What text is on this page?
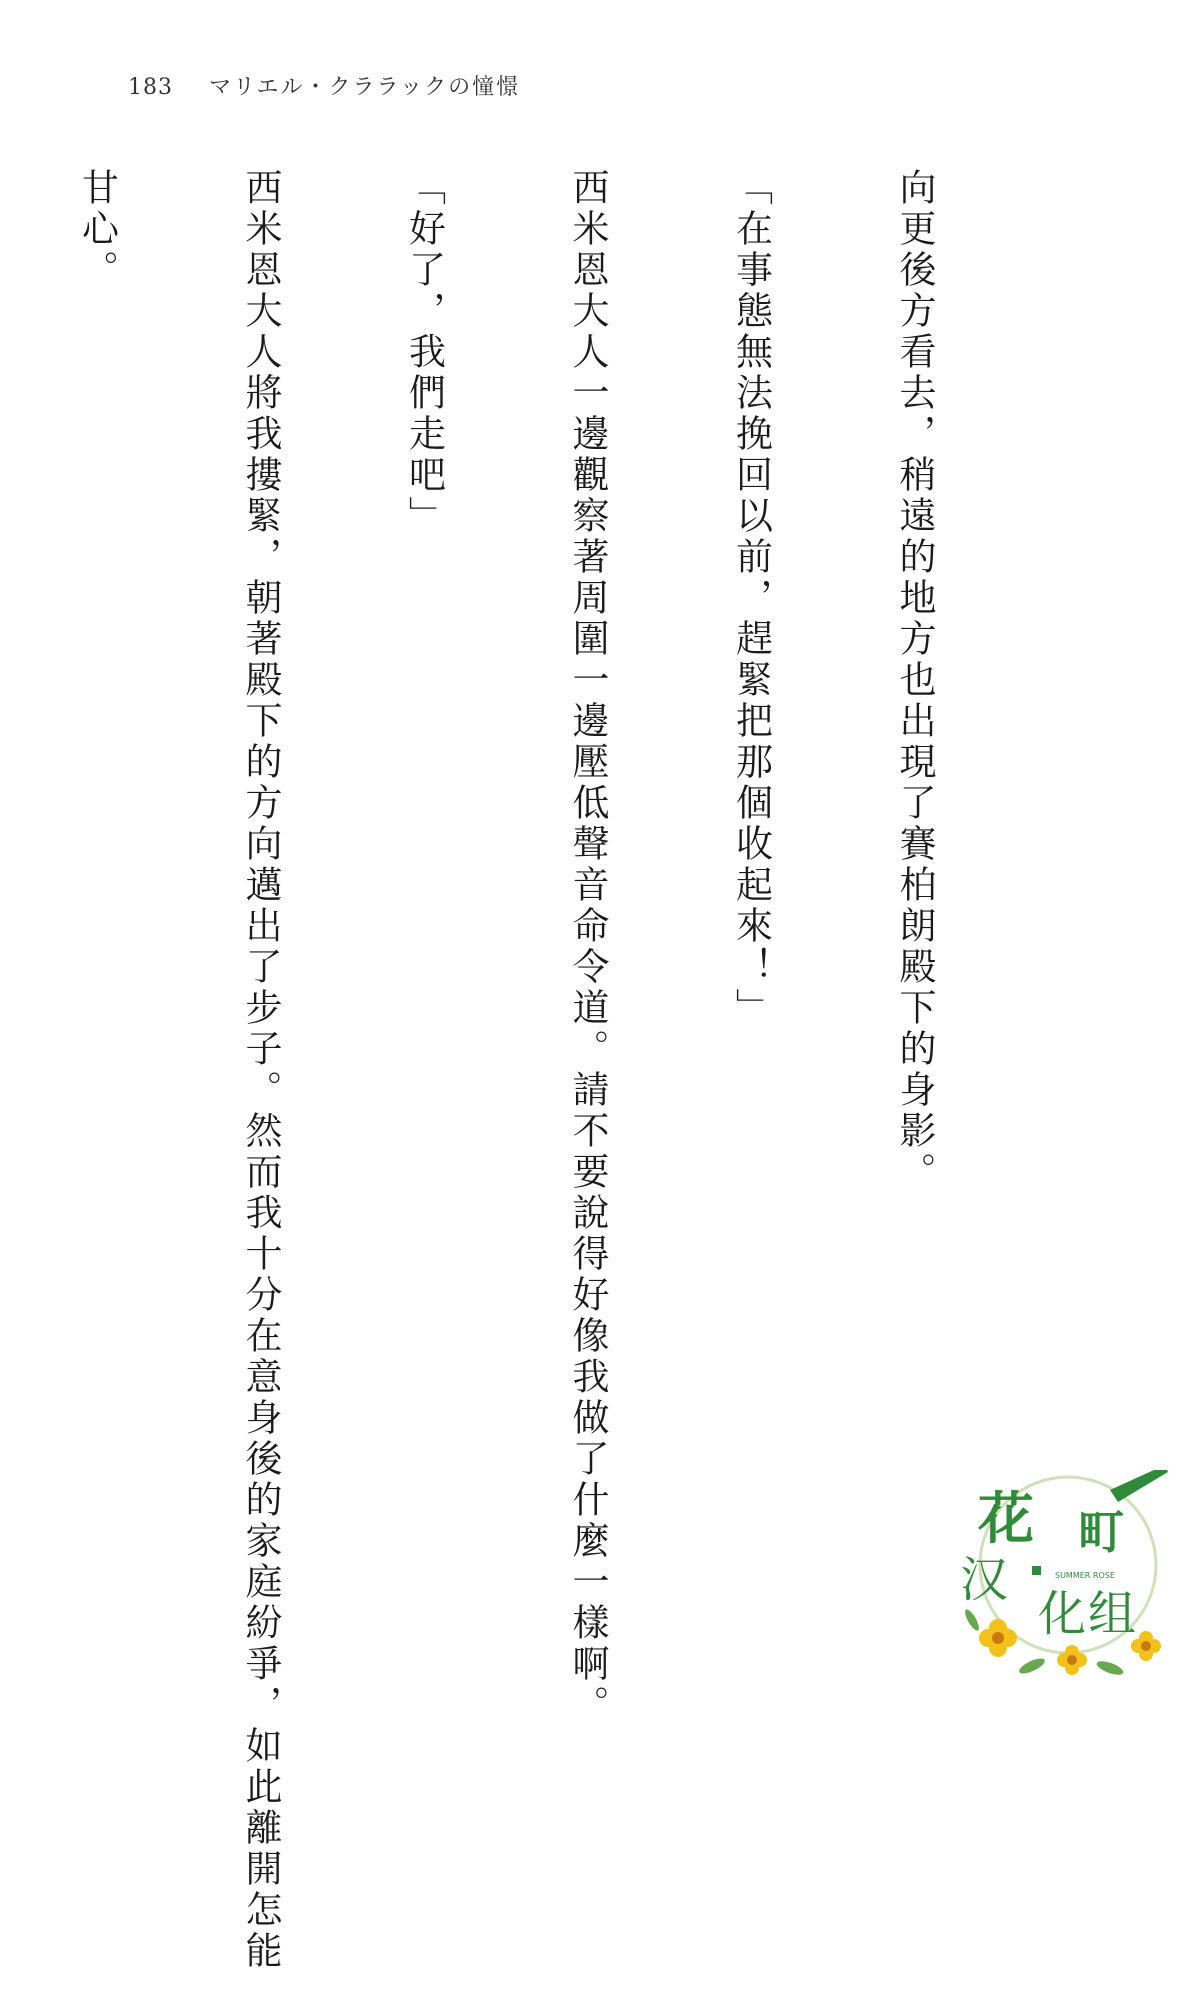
183 マリエル・クララックの憧憬

向更後方看去，稍遠的地方也出現了賽柏朗殿下的身影。

「在事態無法挽回以前，趕緊把那個收起來！」

西米恩大人一邊觀察著周圍一邊壓低聲音命令道。請不要說得好像我做了什麼一樣啊。

「好了，我們走吧」

西米恩大人將我摟緊，朝著殿下的方向邁出了步子。然而我十分在意身後的家庭紛爭，如此離開怎能

甘心。

花 町
汉
化 组
SUMMER ROSE
